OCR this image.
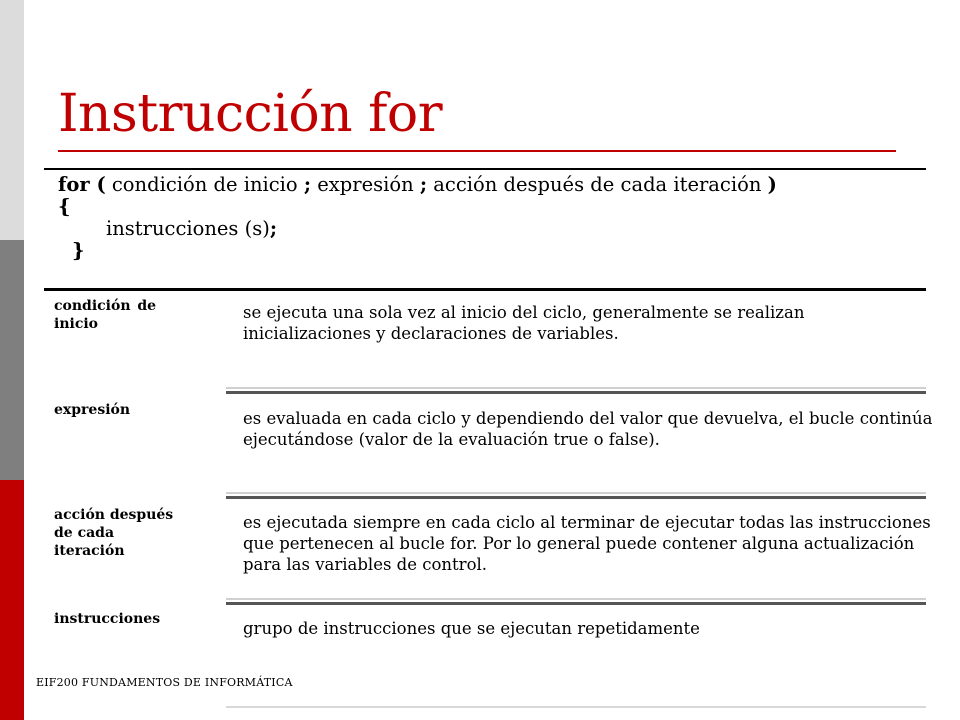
Instrucción for
for ( condición de inicio ; expresión ; acción después de cada iteración )
{
instrucciones (s);
}
condición de inicio
se ejecuta una sola vez al inicio del ciclo, generalmente se realizan inicializaciones y declaraciones de variables.
expresión	es evaluada en cada ciclo y dependiendo del valor que devuelva, el bucle continúa ejecutándose (valor de la evaluación true o false).
acción después de cada iteración
es ejecutada siempre en cada ciclo al terminar de ejecutar todas las instrucciones que pertenecen al bucle for. Por lo general puede contener alguna actualización para las variables de control.
instrucciones	grupo de instrucciones que se ejecutan repetidamente
EIF200 FUNDAMENTOS DE INFORMÁTICA
